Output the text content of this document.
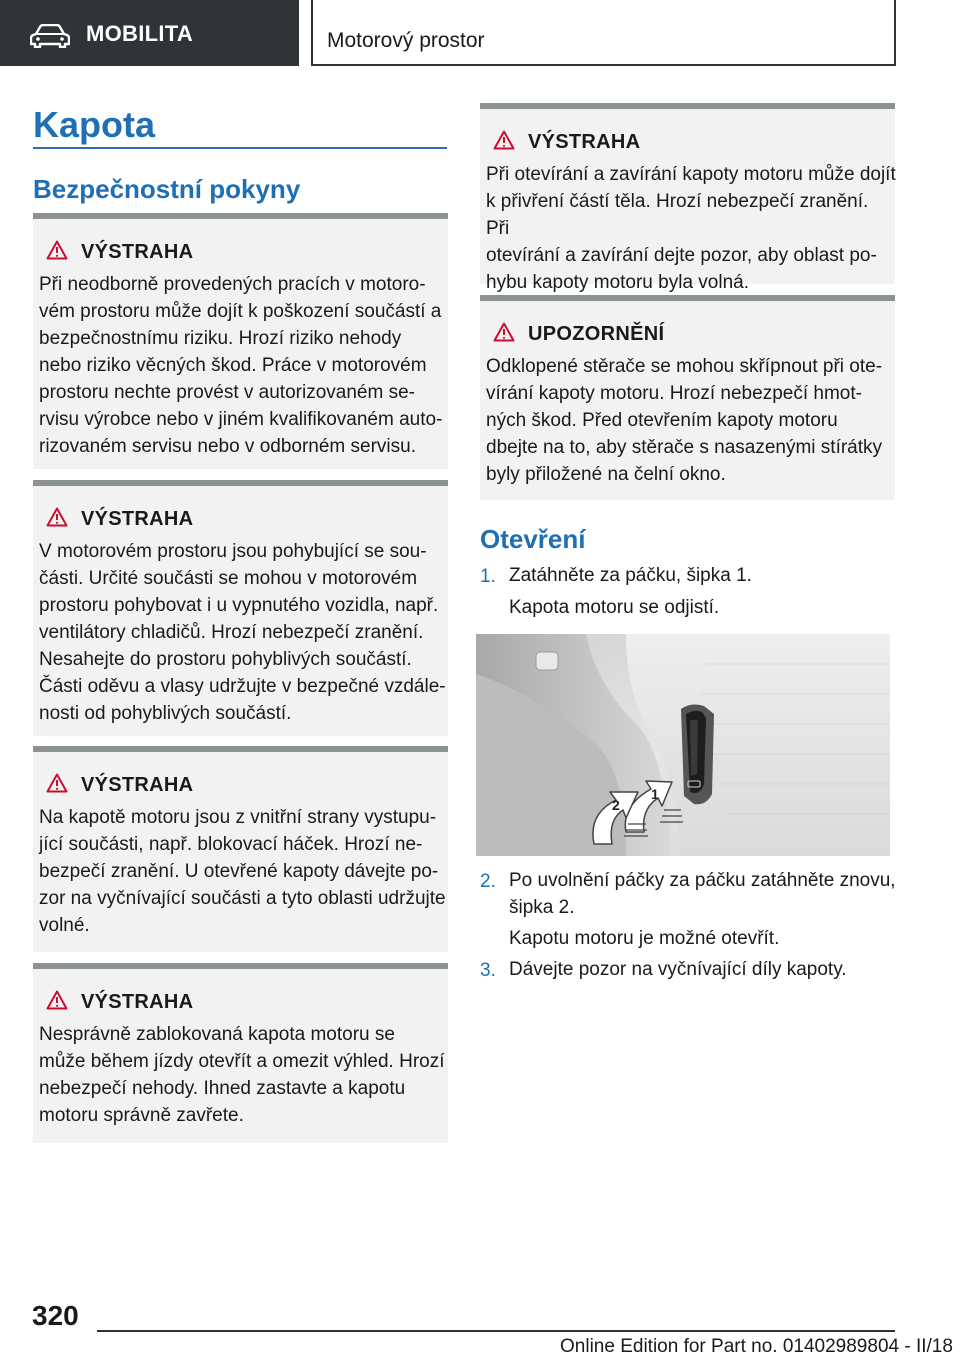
MOBILITA	Motorový prostor
Kapota
Bezpečnostní pokyny
VÝSTRAHA
Při neodborně provedených pracích v motoro-
vém prostoru může dojít k poškození součástí a
bezpečnostnímu riziku. Hrozí riziko nehody
nebo riziko věcných škod. Práce v motorovém
prostoru nechte provést v autorizovaném se-
rvisu výrobce nebo v jiném kvalifikovaném auto-
rizovaném servisu nebo v odborném servisu.
VÝSTRAHA
V motorovém prostoru jsou pohybující se sou-
části. Určité součásti se mohou v motorovém
prostoru pohybovat i u vypnutého vozidla, např.
ventilátory chladičů. Hrozí nebezpečí zranění.
Nesahejte do prostoru pohyblivých součástí.
Části oděvu a vlasy udržujte v bezpečné vzdále-
nosti od pohyblivých součástí.
VÝSTRAHA
Na kapotě motoru jsou z vnitřní strany vystupu-
jící součásti, např. blokovací háček. Hrozí ne-
bezpečí zranění. U otevřené kapoty dávejte po-
zor na vyčnívající součásti a tyto oblasti udržujte
volné.
VÝSTRAHA
Nesprávně zablokovaná kapota motoru se
může během jízdy otevřít a omezit výhled. Hrozí
nebezpečí nehody. Ihned zastavte a kapotu
motoru správně zavřete.
VÝSTRAHA
Při otevírání a zavírání kapoty motoru může dojít
k přivření částí těla. Hrozí nebezpečí zranění. Při
otevírání a zavírání dejte pozor, aby oblast po-
hybu kapoty motoru byla volná.
UPOZORNĚNÍ
Odklopené stěrače se mohou skřípnout při ote-
vírání kapoty motoru. Hrozí nebezpečí hmot-
ných škod. Před otevřením kapoty motoru
dbejte na to, aby stěrače s nasazenými stírátky
byly přiložené na čelní okno.
Otevření
1. Zatáhněte za páčku, šipka 1.
Kapota motoru se odjistí.
1
2
2. Po uvolnění páčky za páčku zatáhněte znovu,
šipka 2.
Kapotu motoru je možné otevřít.
3. Dávejte pozor na vyčnívající díly kapoty.
320
Online Edition for Part no. 01402989804 - II/18
